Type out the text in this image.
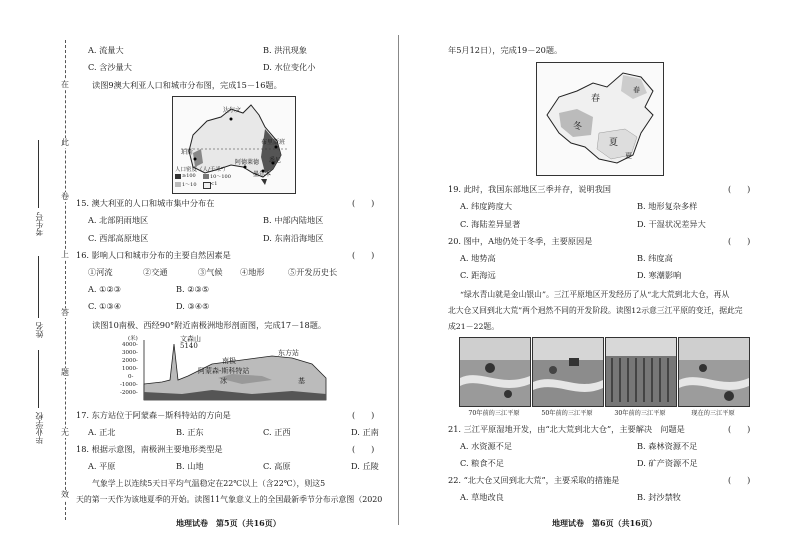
在
此
卷
上
答
题
无
效
考生号
姓名
毕业学校
A. 流量大	B. 洪汛现象
C. 含沙量大	D. 水位变化小
读图9澳大利亚人口和城市分布图，完成15－16题。
达尔文
布里斯班
悉尼
墨尔本
珀斯
阿德莱德
人口密度（人/千米²）
≥100	10～100
1～10	<1
15. 澳大利亚的人口和城市集中分布在	(　　)
A. 北部阴雨地区	B. 中部内陆地区
C. 西部高原地区	D. 东南沿海地区
16. 影响人口和城市分布的主要自然因素是	(　　)
①河流	②交通	③气候 ④地形	⑤开发历史长
A. ①②③	B. ②③⑤
C. ①③④	D. ③④⑤
读图10南极、西经90°附近南极洲地形剖面图，完成17－18题。
(米)
4000-
3000-
2000-
1000-
0-
-1000-
-2000-
文森山
5140
南极
东方站
阿蒙森-斯科特站
冰	基
17. 东方站位于阿蒙森－斯科特站的方向是	(　　)
A. 正北	B. 正东	C. 正西	D. 正南
18. 根据示意图，南极洲主要地形类型是	(　　)
A. 平原	B. 山地	C. 高原	D. 丘陵
气象学上以连续5天日平均气温稳定在22℃以上（含22℃），则这5
天的第一天作为该地夏季的开始。读图11气象意义上的全国最新季节分布示意图（2020
地理试卷　第5页（共16页）
年5月12日），完成19－20题。
春
冬
夏
春
夏
19. 此时，我国东部地区三季并存，说明我国	(　　)
A. 纬度跨度大	B. 地形复杂多样
C. 海陆差异显著	D. 干湿状况差异大
20. 图中，A地仍处于冬季，主要原因是	(　　)
A. 地势高	B. 纬度高
C. 距海远	D. 寒潮影响
“绿水青山就是金山银山”。三江平原地区开发经历了从“北大荒到北大仓，再从
北大仓又回到北大荒”两个迥然不同的开发阶段。读图12示意三江平原的变迁，据此完
成21－22题。
70年前的三江平原	50年前的三江平原	30年前的三江平原	现在的三江平原
21. 三江平原湿地开发，由“北大荒到北大仓”，主要解决　问题是	(　　)
A. 水资源不足	B. 森林资源不足
C. 粮食不足	D. 矿产资源不足
22. “北大仓又回到北大荒”，主要采取的措施是	(　　)
A. 草地改良	B. 封沙禁牧
地理试卷　第6页（共16页）
